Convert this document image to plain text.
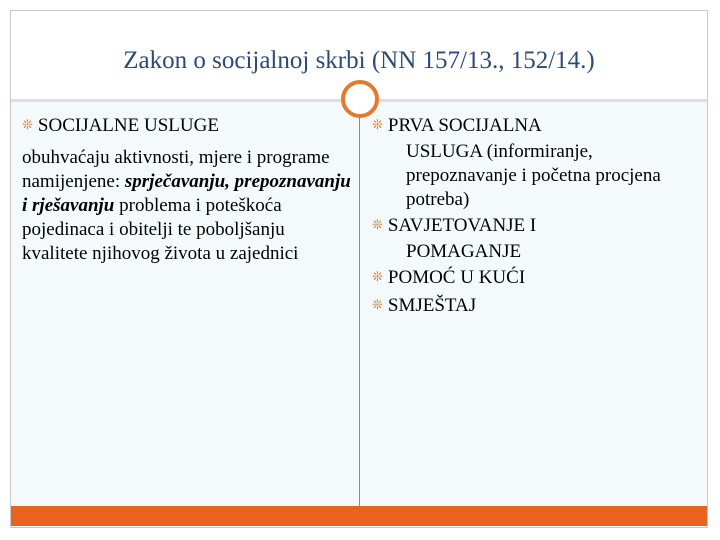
Zakon o socijalnoj skrbi (NN 157/13., 152/14.)
❊ SOCIJALNE USLUGE
obuhvaćaju aktivnosti, mjere i programe namijenjene: sprječavanju, prepoznavanju i rješavanju problema i poteškoća pojedinaca i obitelji te poboljšanju kvalitete njihovog života u zajednici
❊ PRVA SOCIJALNA
USLUGA (informiranje, prepoznavanje i početna procjena potreba)
❊ SAVJETOVANJE I
POMAGANJE
❊ POMOĆ U KUĆI
❊ SMJEŠTAJ
